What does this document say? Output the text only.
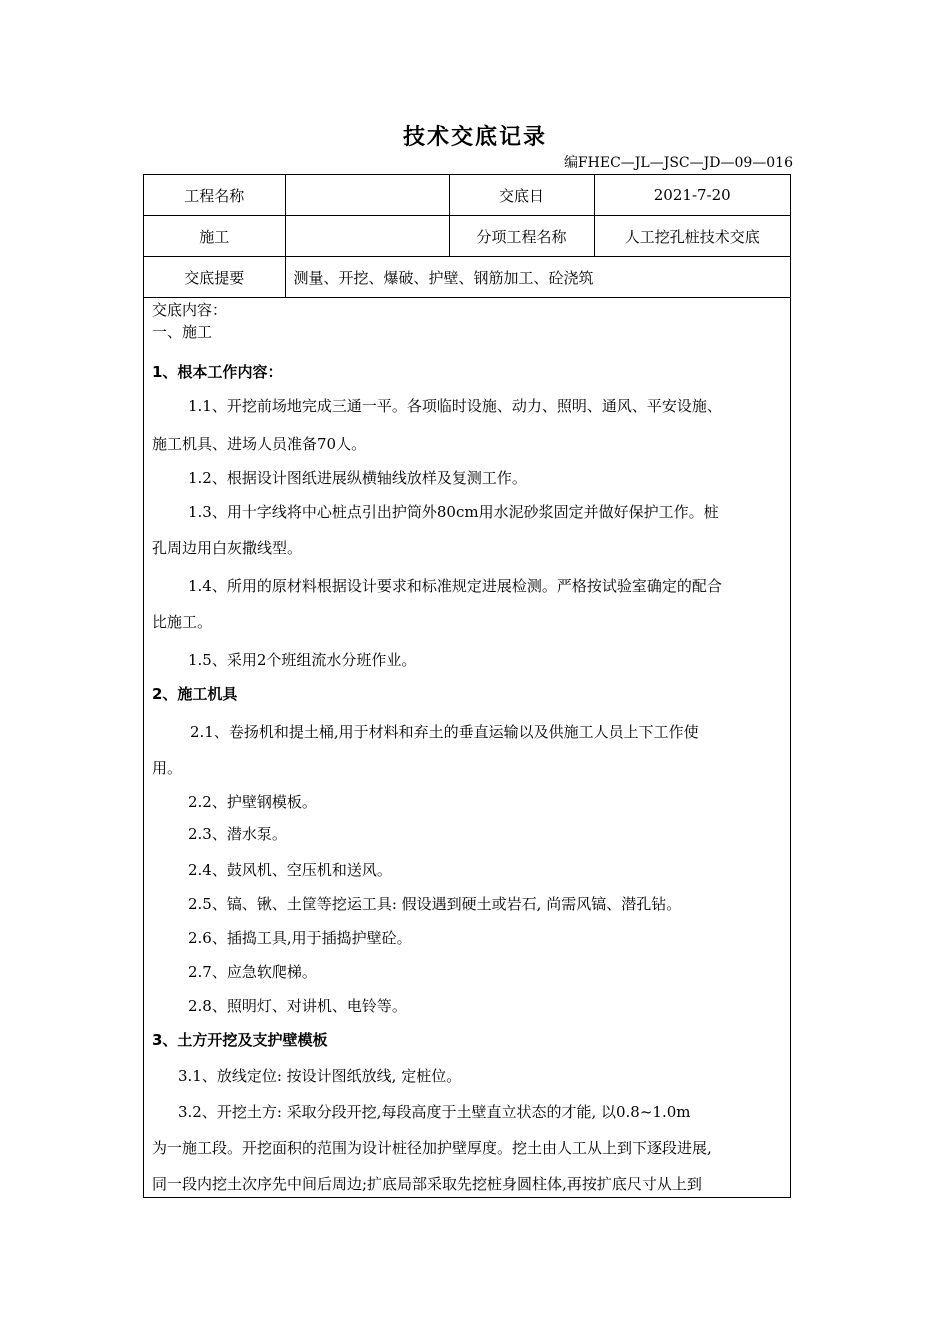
技术交底记录
编FHEC—JL—JSC—JD—09—016
工程名称		交底日	2021-7-20
施工		分项工程名称	人工挖孔桩技术交底
交底提要	测量、开挖、爆破、护壁、钢筋加工、砼浇筑		
交底内容：
一、施工
1、根本工作内容：
1.1、开挖前场地完成三通一平。各项临时设施、动力、照明、通风、平安设施、
施工机具、进场人员准备70人。
1.2、根据设计图纸进展纵横轴线放样及复测工作。
1.3、用十字线将中心桩点引出护筒外80cm用水泥砂浆固定并做好保护工作。桩
孔周边用白灰撒线型。
1.4、所用的原材料根据设计要求和标准规定进展检测。严格按试验室确定的配合
比施工。
1.5、采用2个班组流水分班作业。
2、施工机具
2.1、卷扬机和提土桶,用于材料和弃土的垂直运输以及供施工人员上下工作使
用。
2.2、护壁钢模板。
2.3、潜水泵。
2.4、鼓风机、空压机和送风。
2.5、镐、锹、土筐等挖运工具: 假设遇到硬土或岩石, 尚需风镐、潜孔钻。
2.6、插捣工具,用于插捣护壁砼。
2.7、应急软爬梯。
2.8、照明灯、对讲机、电铃等。
3、土方开挖及支护壁模板
3.1、放线定位: 按设计图纸放线, 定桩位。
3.2、开挖土方: 采取分段开挖,每段高度于土壁直立状态的才能, 以0.8~1.0m
为一施工段。开挖面积的范围为设计桩径加护壁厚度。挖土由人工从上到下逐段进展,
同一段内挖土次序先中间后周边;扩底局部采取先挖桩身圆柱体,再按扩底尺寸从上到
